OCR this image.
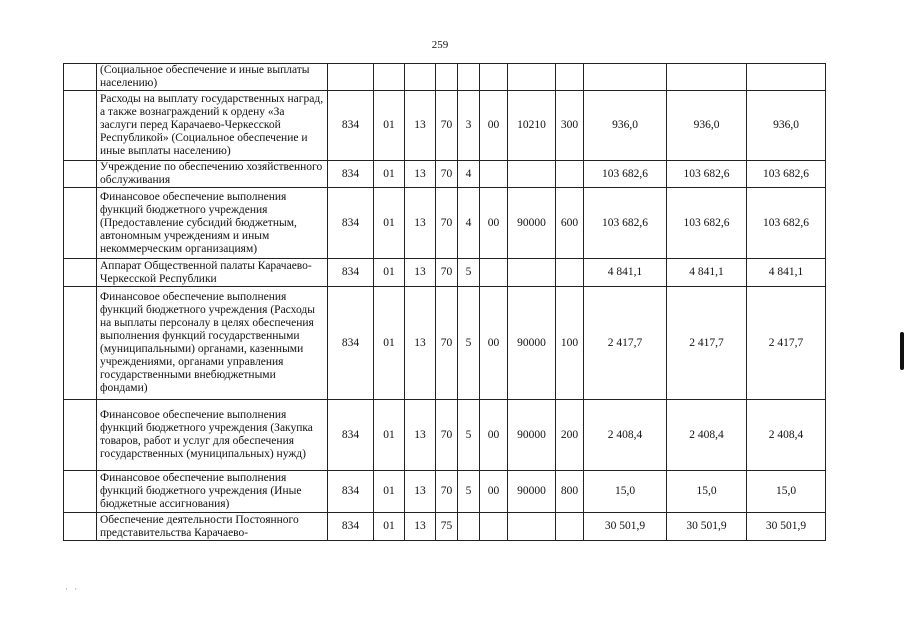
259
	(Социальное обеспечение и иные выплаты населению)											
	Расходы на выплату государственных наград, а также вознаграждений к ордену «За заслуги перед Карачаево-Черкесской Республикой» (Социальное обеспечение и иные выплаты населению)	834	01	13	70	3	00	10210	300	936,0	936,0	936,0
	Учреждение по обеспечению хозяйственного обслуживания	834	01	13	70	4				103 682,6	103 682,6	103 682,6
	Финансовое обеспечение выполнения функций бюджетного учреждения (Предоставление субсидий бюджетным, автономным учреждениям и иным некоммерческим организациям)	834	01	13	70	4	00	90000	600	103 682,6	103 682,6	103 682,6
	Аппарат Общественной палаты Карачаево-Черкесской Республики	834	01	13	70	5				4 841,1	4 841,1	4 841,1
	Финансовое обеспечение выполнения функций бюджетного учреждения (Расходы на выплаты персоналу в целях обеспечения выполнения функций государственными (муниципальными) органами, казенными учреждениями, органами управления государственными внебюджетными фондами)	834	01	13	70	5	00	90000	100	2 417,7	2 417,7	2 417,7
	Финансовое обеспечение выполнения функций бюджетного учреждения (Закупка товаров, работ и услуг для обеспечения государственных (муниципальных) нужд)	834	01	13	70	5	00	90000	200	2 408,4	2 408,4	2 408,4
	Финансовое обеспечение выполнения функций бюджетного учреждения (Иные бюджетные ассигнования)	834	01	13	70	5	00	90000	800	15,0	15,0	15,0
	Обеспечение деятельности Постоянного представительства Карачаево-	834	01	13	75					30 501,9	30 501,9	30 501,9
· ·
